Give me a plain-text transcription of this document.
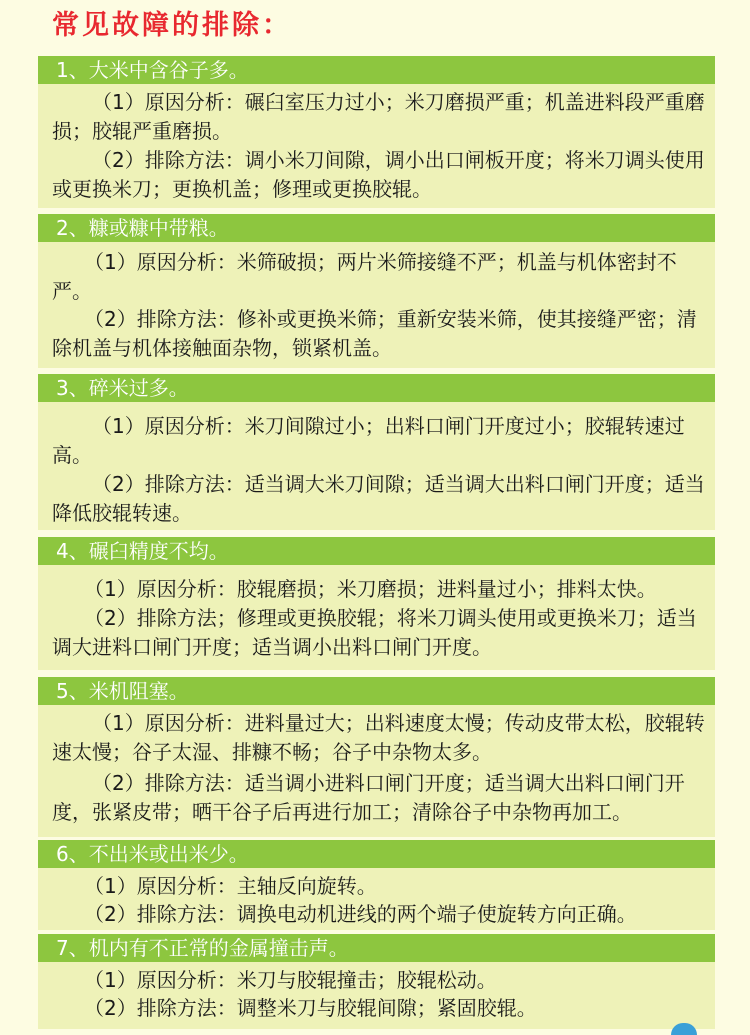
常见故障的排除：
1、大米中含谷子多。
（1）原因分析：碾臼室压力过小；米刀磨损严重；机盖进料段严重磨损；胶辊严重磨损。
（2）排除方法：调小米刀间隙，调小出口闸板开度；将米刀调头使用或更换米刀；更换机盖；修理或更换胶辊。
2、糠或糠中带粮。
（1）原因分析：米筛破损；两片米筛接缝不严；机盖与机体密封不严。
（2）排除方法：修补或更换米筛；重新安装米筛，使其接缝严密；清除机盖与机体接触面杂物，锁紧机盖。
3、碎米过多。
（1）原因分析：米刀间隙过小；出料口闸门开度过小；胶辊转速过高。
（2）排除方法：适当调大米刀间隙；适当调大出料口闸门开度；适当降低胶辊转速。
4、碾臼精度不均。
（1）原因分析：胶辊磨损；米刀磨损；进料量过小；排料太快。
（2）排除方法；修理或更换胶辊；将米刀调头使用或更换米刀；适当调大进料口闸门开度；适当调小出料口闸门开度。
5、米机阻塞。
（1）原因分析：进料量过大；出料速度太慢；传动皮带太松，胶辊转速太慢；谷子太湿、排糠不畅；谷子中杂物太多。
（2）排除方法：适当调小进料口闸门开度；适当调大出料口闸门开度，张紧皮带；晒干谷子后再进行加工；清除谷子中杂物再加工。
6、不出米或出米少。
（1）原因分析：主轴反向旋转。
（2）排除方法：调换电动机进线的两个端子使旋转方向正确。
7、机内有不正常的金属撞击声。
（1）原因分析：米刀与胶辊撞击；胶辊松动。
（2）排除方法：调整米刀与胶辊间隙；紧固胶辊。
